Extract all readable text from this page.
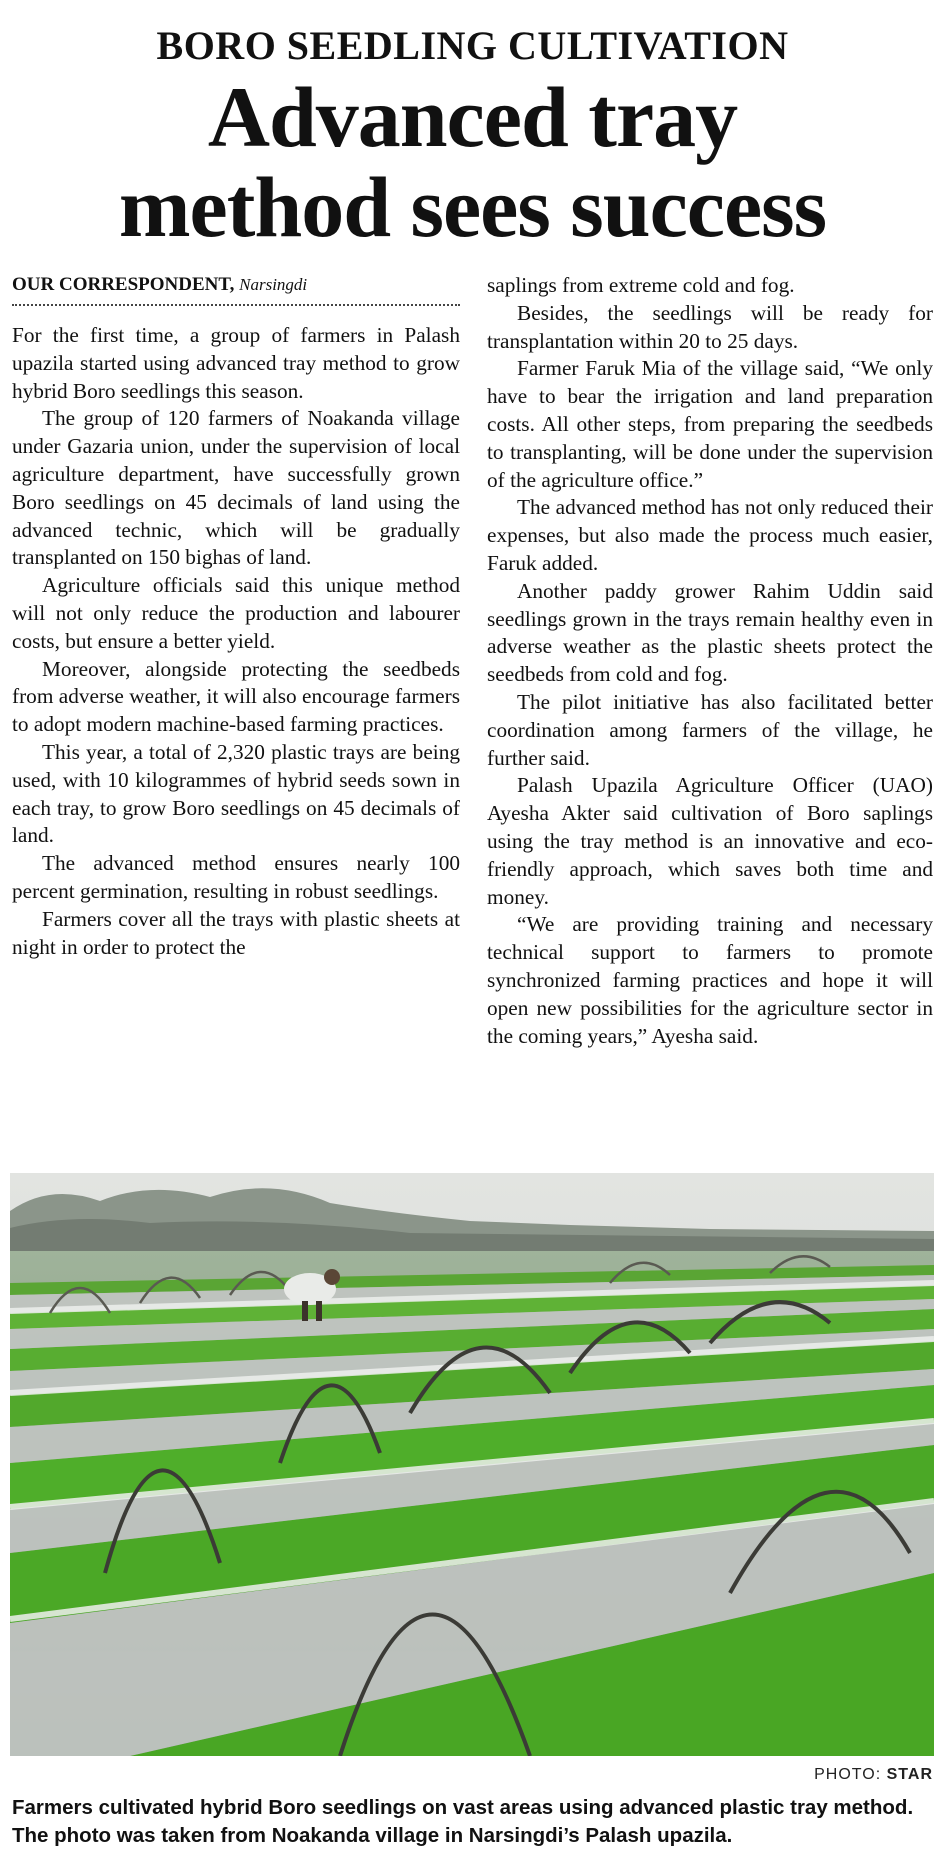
BORO SEEDLING CULTIVATION
Advanced tray
method sees success
OUR CORRESPONDENT, Narsingdi

For the first time, a group of farmers in Palash upazila started using advanced tray method to grow hybrid Boro seedlings this season.

The group of 120 farmers of Noakanda village under Gazaria union, under the supervision of local agriculture department, have successfully grown Boro seedlings on 45 decimals of land using the advanced technic, which will be gradually transplanted on 150 bighas of land.

Agriculture officials said this unique method will not only reduce the production and labourer costs, but ensure a better yield.

Moreover, alongside protecting the seedbeds from adverse weather, it will also encourage farmers to adopt modern machine-based farming practices.

This year, a total of 2,320 plastic trays are being used, with 10 kilogrammes of hybrid seeds sown in each tray, to grow Boro seedlings on 45 decimals of land.

The advanced method ensures nearly 100 percent germination, resulting in robust seedlings.

Farmers cover all the trays with plastic sheets at night in order to protect the

saplings from extreme cold and fog.

Besides, the seedlings will be ready for transplantation within 20 to 25 days.

Farmer Faruk Mia of the village said, “We only have to bear the irrigation and land preparation costs. All other steps, from preparing the seedbeds to transplanting, will be done under the supervision of the agriculture office.”

The advanced method has not only reduced their expenses, but also made the process much easier, Faruk added.

Another paddy grower Rahim Uddin said seedlings grown in the trays remain healthy even in adverse weather as the plastic sheets protect the seedbeds from cold and fog.

The pilot initiative has also facilitated better coordination among farmers of the village, he further said.

Palash Upazila Agriculture Officer (UAO) Ayesha Akter said cultivation of Boro saplings using the tray method is an innovative and eco-friendly approach, which saves both time and money.

“We are providing training and necessary technical support to farmers to promote synchronized farming practices and hope it will open new possibilities for the agriculture sector in the coming years,” Ayesha said.

PHOTO: STAR
Farmers cultivated hybrid Boro seedlings on vast areas using advanced plastic tray method. The photo was taken from Noakanda village in Narsingdi’s Palash upazila.
